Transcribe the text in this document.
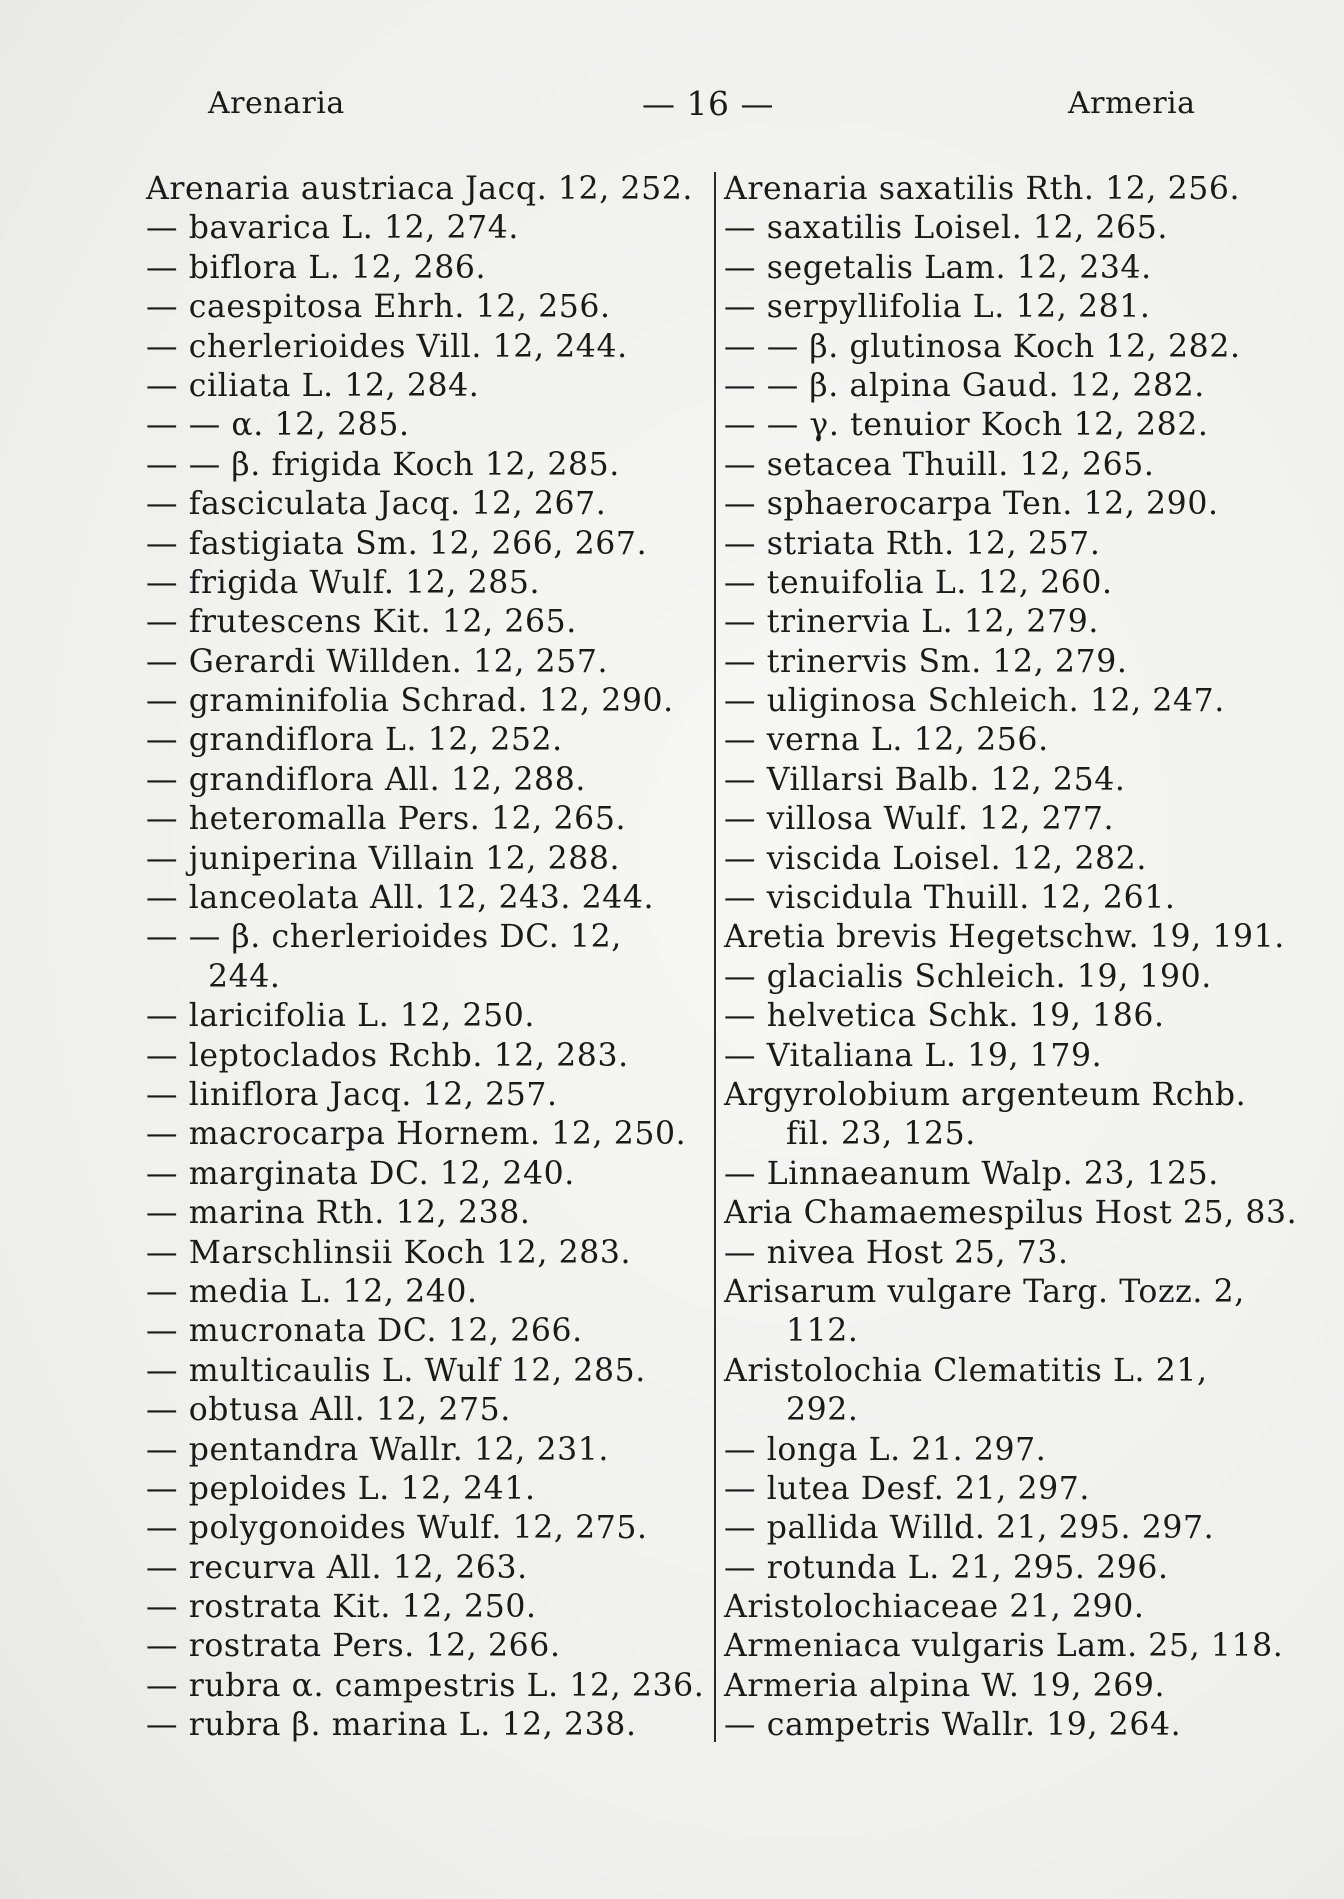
Arenaria	— 16 —	Armeria
Arenaria austriaca Jacq. 12, 252.
— bavarica L. 12, 274.
— biflora L. 12, 286.
— caespitosa Ehrh. 12, 256.
— cherlerioides Vill. 12, 244.
— ciliata L. 12, 284.
— — α. 12, 285.
— — β. frigida Koch 12, 285.
— fasciculata Jacq. 12, 267.
— fastigiata Sm. 12, 266, 267.
— frigida Wulf. 12, 285.
— frutescens Kit. 12, 265.
— Gerardi Willden. 12, 257.
— graminifolia Schrad. 12, 290.
— grandiflora L. 12, 252.
— grandiflora All. 12, 288.
— heteromalla Pers. 12, 265.
— juniperina Villain 12, 288.
— lanceolata All. 12, 243. 244.
— — β. cherlerioides DC. 12,
244.
— laricifolia L. 12, 250.
— leptoclados Rchb. 12, 283.
— liniflora Jacq. 12, 257.
— macrocarpa Hornem. 12, 250.
— marginata DC. 12, 240.
— marina Rth. 12, 238.
— Marschlinsii Koch 12, 283.
— media L. 12, 240.
— mucronata DC. 12, 266.
— multicaulis L. Wulf 12, 285.
— obtusa All. 12, 275.
— pentandra Wallr. 12, 231.
— peploides L. 12, 241.
— polygonoides Wulf. 12, 275.
— recurva All. 12, 263.
— rostrata Kit. 12, 250.
— rostrata Pers. 12, 266.
— rubra α. campestris L. 12, 236.
— rubra β. marina L. 12, 238.
Arenaria saxatilis Rth. 12, 256.
— saxatilis Loisel. 12, 265.
— segetalis Lam. 12, 234.
— serpyllifolia L. 12, 281.
— — β. glutinosa Koch 12, 282.
— — β. alpina Gaud. 12, 282.
— — γ. tenuior Koch 12, 282.
— setacea Thuill. 12, 265.
— sphaerocarpa Ten. 12, 290.
— striata Rth. 12, 257.
— tenuifolia L. 12, 260.
— trinervia L. 12, 279.
— trinervis Sm. 12, 279.
— uliginosa Schleich. 12, 247.
— verna L. 12, 256.
— Villarsi Balb. 12, 254.
— villosa Wulf. 12, 277.
— viscida Loisel. 12, 282.
— viscidula Thuill. 12, 261.
Aretia brevis Hegetschw. 19, 191.
— glacialis Schleich. 19, 190.
— helvetica Schk. 19, 186.
— Vitaliana L. 19, 179.
Argyrolobium argenteum Rchb.
fil. 23, 125.
— Linnaeanum Walp. 23, 125.
Aria Chamaemespilus Host 25, 83.
— nivea Host 25, 73.
Arisarum vulgare Targ. Tozz. 2,
112.
Aristolochia Clematitis L. 21,
292.
— longa L. 21. 297.
— lutea Desf. 21, 297.
— pallida Willd. 21, 295. 297.
— rotunda L. 21, 295. 296.
Aristolochiaceae 21, 290.
Armeniaca vulgaris Lam. 25, 118.
Armeria alpina W. 19, 269.
— campetris Wallr. 19, 264.
